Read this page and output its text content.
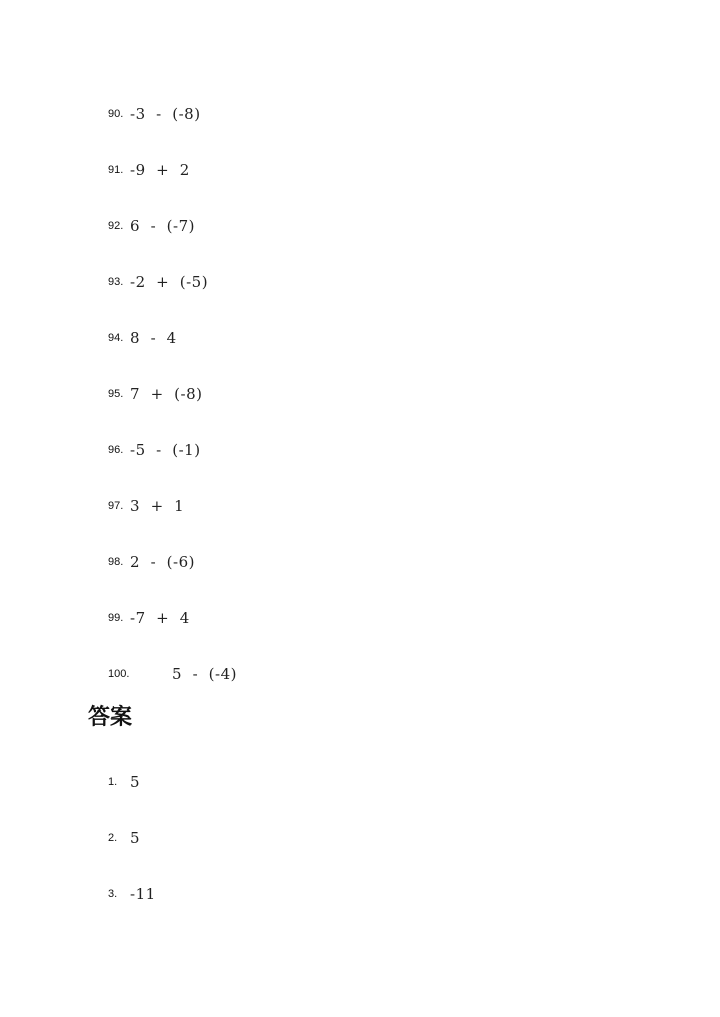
90. -3  -  (-8)
91. -9  +  2
92. 6  -  (-7)
93. -2  +  (-5)
94. 8  -  4
95. 7  +  (-8)
96. -5  -  (-1)
97. 3  +  1
98. 2  -  (-6)
99. -7  +  4
100.	5  -  (-4)
答案
1. 5
2. 5
3. -11
